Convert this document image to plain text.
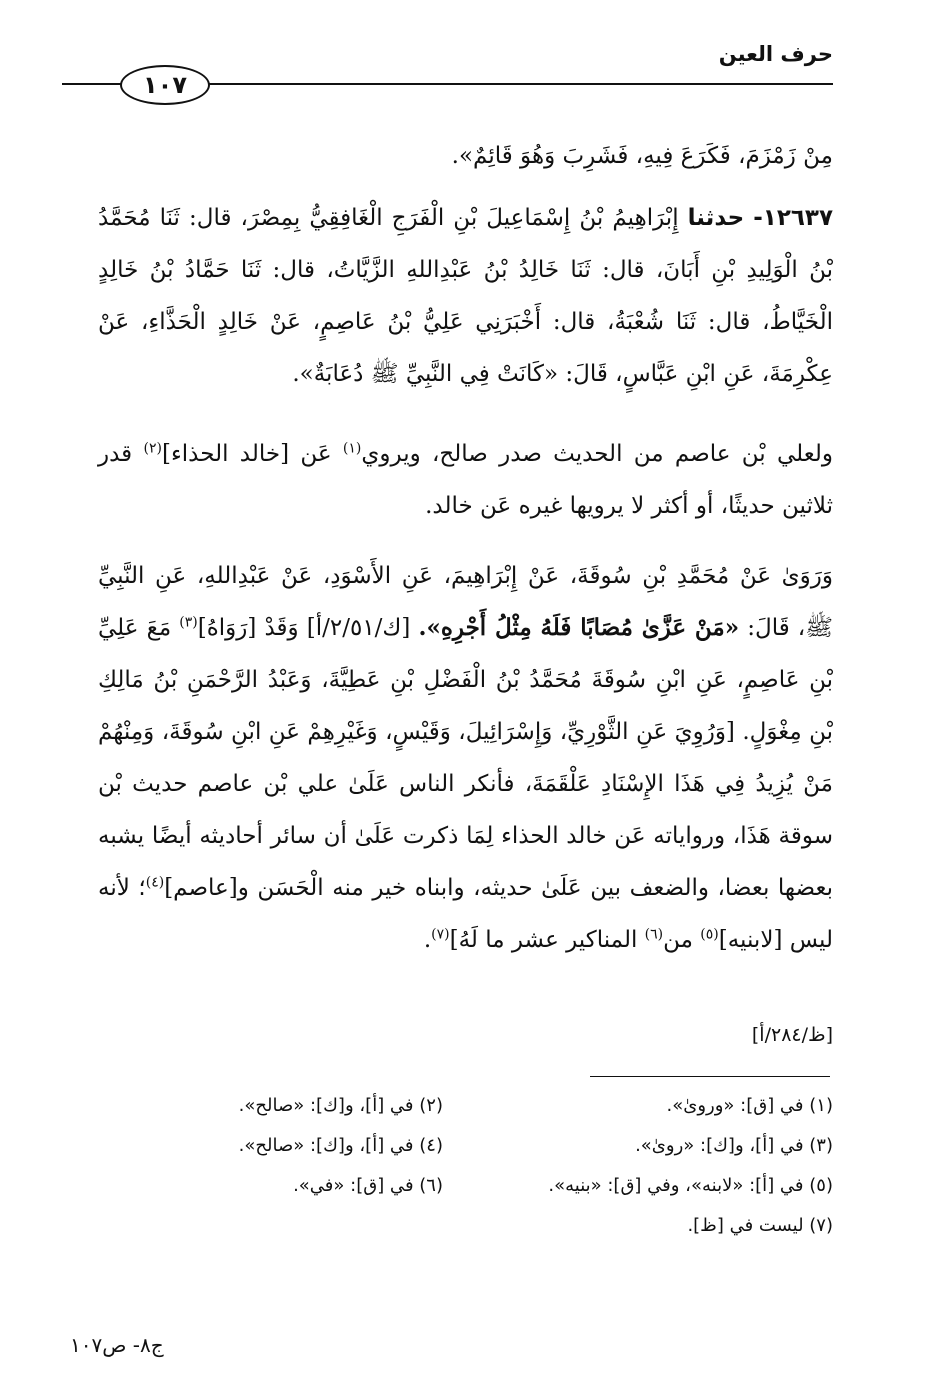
حرف العين
١٠٧
مِنْ زَمْزَمَ، فَكَرَعَ فِيهِ، فَشَرِبَ وَهُوَ قَائِمٌ».
١٢٦٣٧- حدثنا إِبْرَاهِيمُ بْنُ إِسْمَاعِيلَ بْنِ الْفَرَجِ الْغَافِقِيُّ بِمِصْرَ، قال: ثَنَا مُحَمَّدُ بْنُ الْوَلِيدِ بْنِ أَبَانَ، قال: ثَنَا خَالِدُ بْنُ عَبْدِاللهِ الزَّيَّاتُ، قال: ثَنَا حَمَّادُ بْنُ خَالِدٍ الْخَيَّاطُ، قال: ثَنَا شُعْبَةُ، قال: أَخْبَرَنِي عَلِيُّ بْنُ عَاصِمٍ، عَنْ خَالِدٍ الْحَذَّاءِ، عَنْ عِكْرِمَةَ، عَنِ ابْنِ عَبَّاسٍ، قَالَ: «كَانَتْ فِي النَّبِيِّ ﷺ دُعَابَةٌ».
ولعلي بْن عاصم من الحديث صدر صالح، ويروي$^{(١)}$ عَن [خالد الحذاء]$^{(٢)}$ قدر ثلاثين حديثًا، أو أكثر لا يرويها غيره عَن خالد.
وَرَوَىٰ عَنْ مُحَمَّدِ بْنِ سُوقَةَ، عَنْ إِبْرَاهِيمَ، عَنِ الأَسْوَدِ، عَنْ عَبْدِاللهِ، عَنِ النَّبِيِّ ﷺ، قَالَ: «مَنْ عَزَّىٰ مُصَابًا فَلَهُ مِثْلُ أَجْرِهِ». [ك/٢/٥١/أ] وَقَدْ [رَوَاهُ]$^{(٣)}$ مَعَ عَلِيِّ بْنِ عَاصِمٍ، عَنِ ابْنِ سُوقَةَ مُحَمَّدُ بْنُ الْفَضْلِ بْنِ عَطِيَّةَ، وَعَبْدُ الرَّحْمَنِ بْنُ مَالِكِ بْنِ مِغْوَلٍ. [وَرُوِيَ عَنِ الثَّوْرِيِّ، وَإِسْرَائِيلَ، وَقَيْسٍ، وَغَيْرِهِمْ عَنِ ابْنِ سُوقَةَ، وَمِنْهُمْ مَنْ يُزِيدُ فِي هَذَا الإِسْنَادِ عَلْقَمَةَ، فأنكر الناس عَلَىٰ علي بْن عاصم حديث بْن سوقة هَذَا، ورواياته عَن خالد الحذاء لِمَا ذكرت عَلَىٰ أن سائر أحاديثه أيضًا يشبه بعضها بعضا، والضعف بين عَلَىٰ حديثه، وابناه خير منه الْحَسَن و[عاصم]$^{(٤)}$؛ لأنه ليس [لابنيه]$^{(٥)}$ من$^{(٦)}$ المناكير عشر ما لَهُ]$^{(٧)}$.
[ظ/٢٨٤/أ]
(١) في [ق]: «ورویٰ».
(٢) في [أ]، و[ك]: «صالح».
(٣) في [أ]، و[ك]: «رویٰ».
(٤) في [أ]، و[ك]: «صالح».
(٥) في [أ]: «لابنه»، وفي [ق]: «بنيه».
(٦) في [ق]: «في».
(٧) ليست في [ظ].
ج٨- ص١٠٧
